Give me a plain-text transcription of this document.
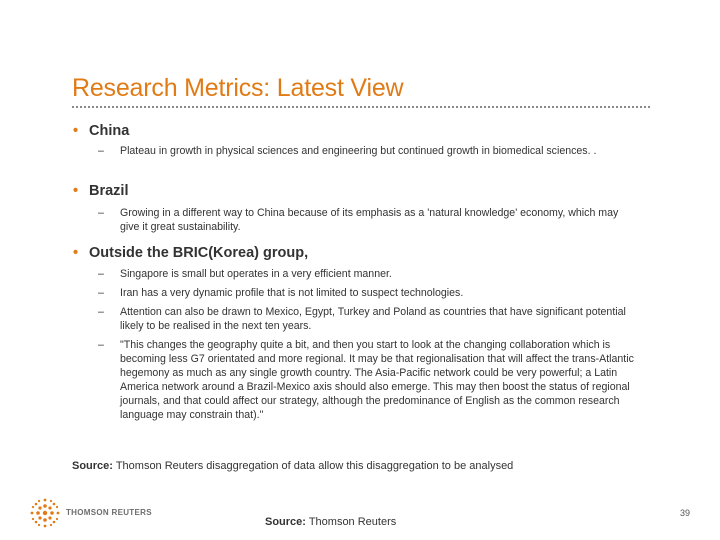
Research Metrics: Latest View
• China
–	Plateau in growth in physical sciences and engineering but continued growth in biomedical sciences. .
• Brazil
–	Growing in a different way to China because of its emphasis as a 'natural knowledge' economy, which may give it great sustainability.
• Outside the BRIC(Korea) group,
–	Singapore is small but operates in a very efficient manner.
–	Iran has a very dynamic profile that is not limited to suspect technologies.
–	Attention can also be drawn to Mexico, Egypt, Turkey and Poland as countries that have significant potential likely to be realised in the next ten years.
–	"This changes the geography quite a bit, and then you start to look at the changing collaboration which is becoming less G7 orientated and more regional. It may be that regionalisation that will affect the trans-Atlantic hegemony as much as any single growth country. The Asia-Pacific network could be very powerful; a Latin America network around a Brazil-Mexico axis should also emerge. This may then boost the status of regional journals, and that could affect our strategy, although the predominance of English as the common research language may constrain that)."
Source: Thomson Reuters disaggregation of data allow this disaggregation to be analysed
THOMSON REUTERS
Source: Thomson Reuters
39
